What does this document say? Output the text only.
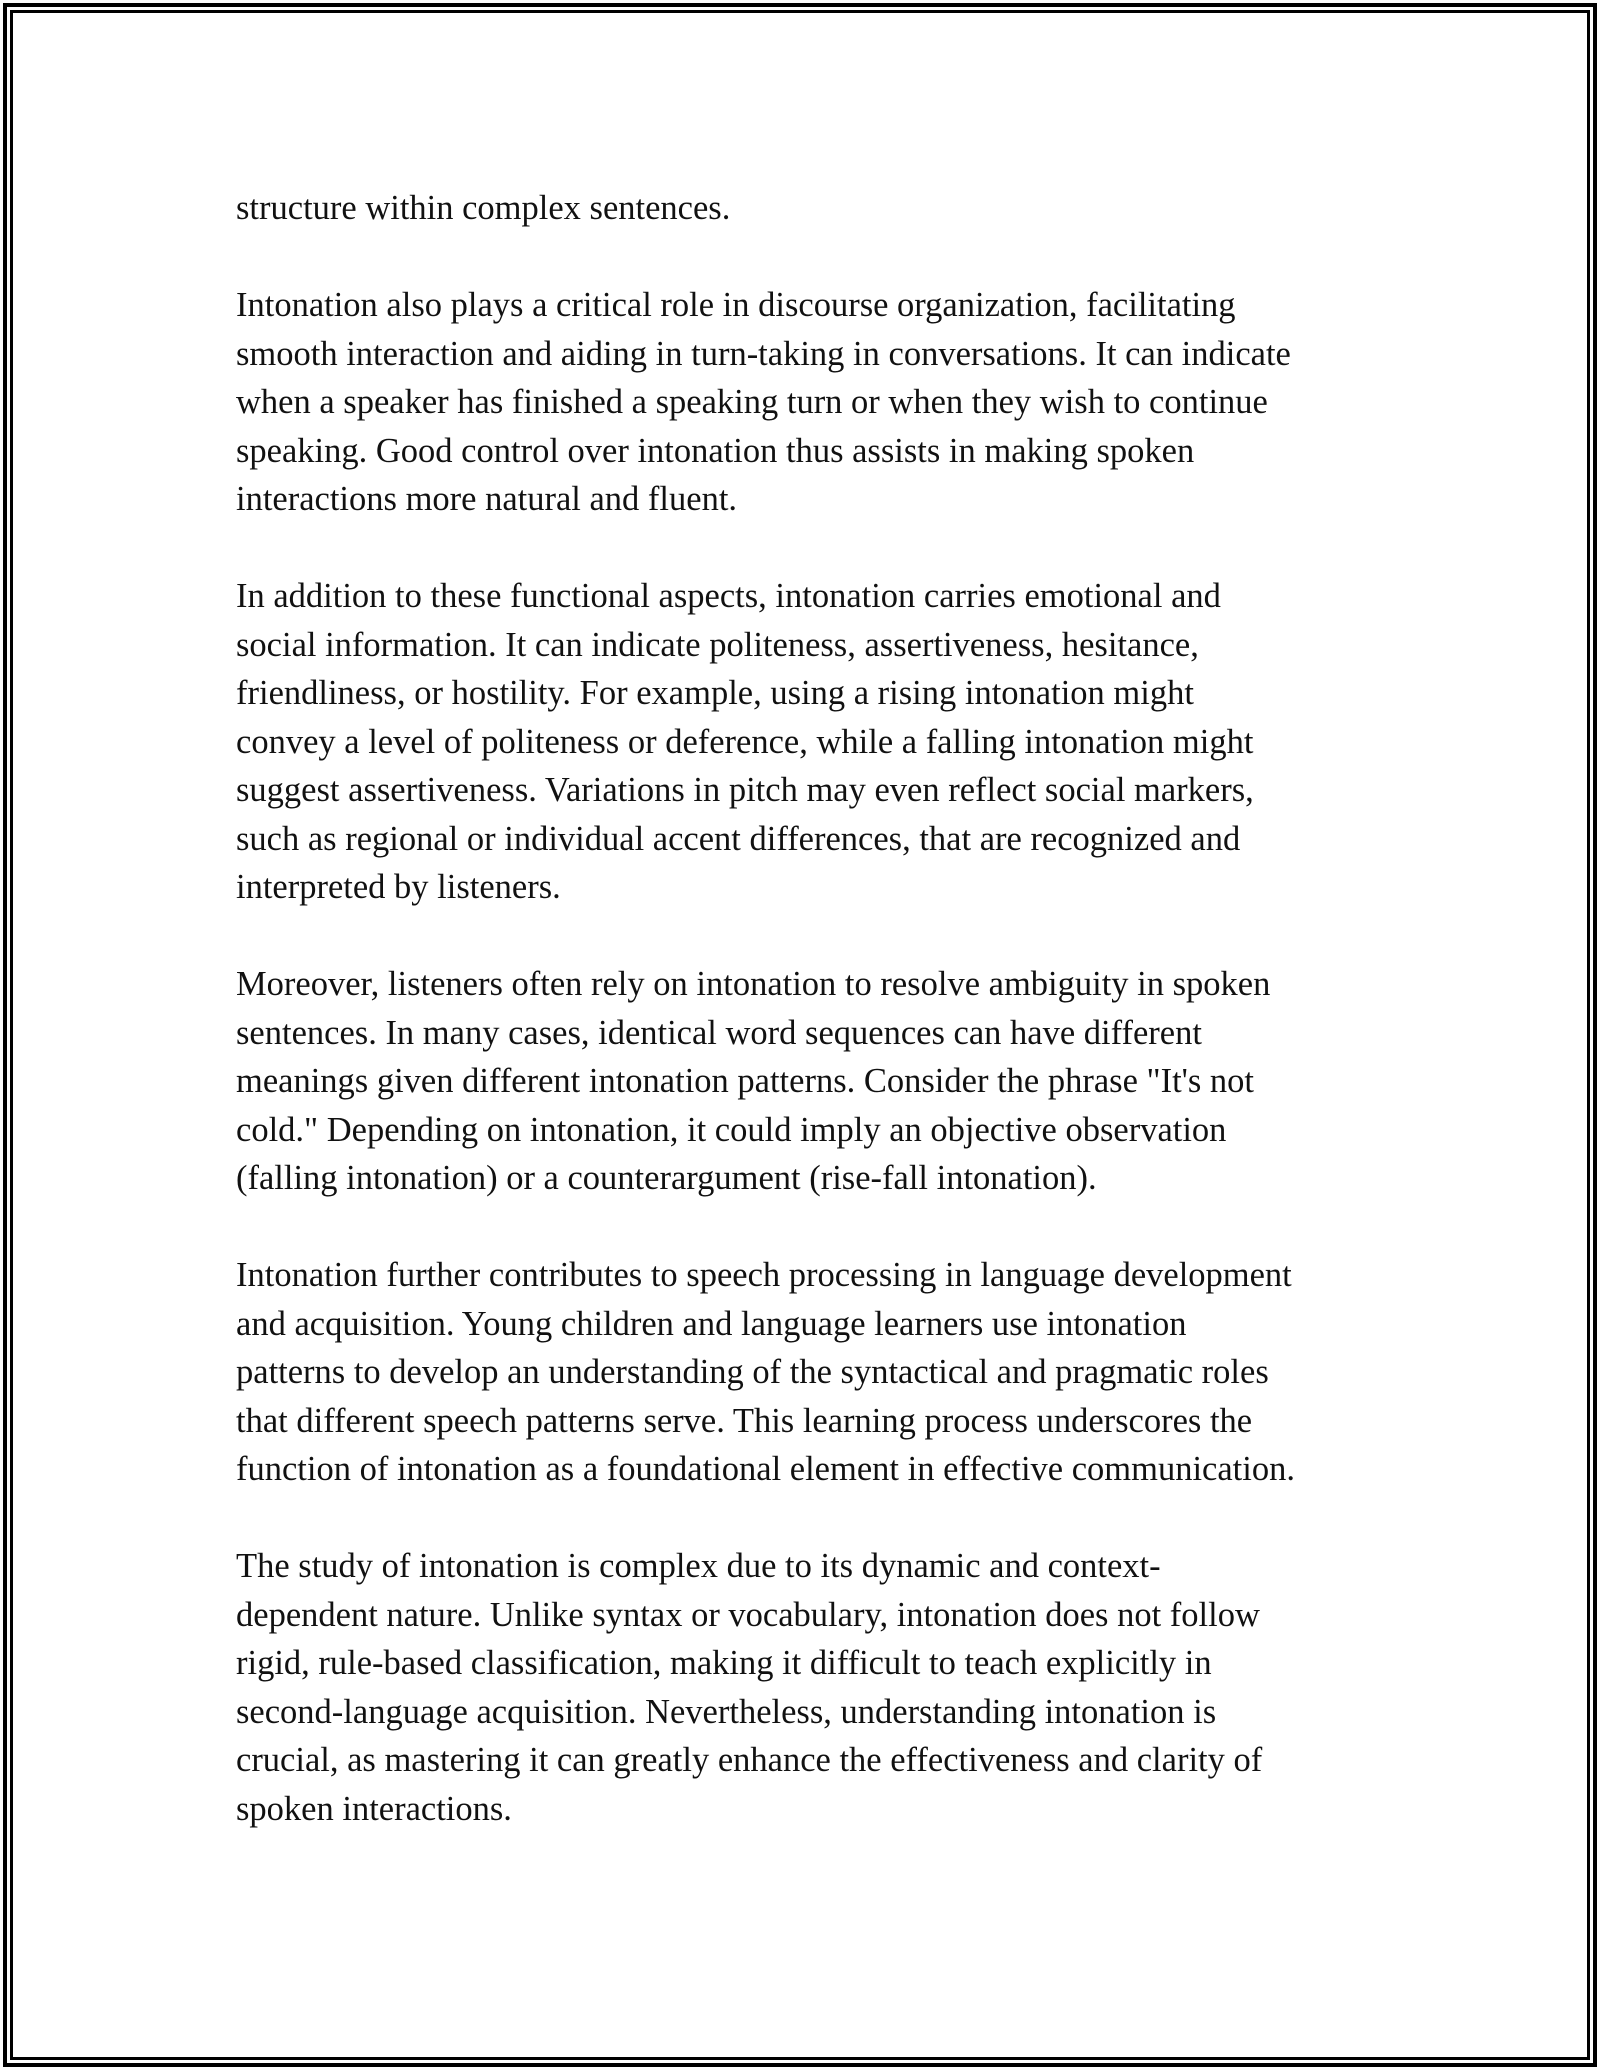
structure within complex sentences.

Intonation also plays a critical role in discourse organization, facilitating
smooth interaction and aiding in turn-taking in conversations. It can indicate
when a speaker has finished a speaking turn or when they wish to continue
speaking. Good control over intonation thus assists in making spoken
interactions more natural and fluent.

In addition to these functional aspects, intonation carries emotional and
social information. It can indicate politeness, assertiveness, hesitance,
friendliness, or hostility. For example, using a rising intonation might
convey a level of politeness or deference, while a falling intonation might
suggest assertiveness. Variations in pitch may even reflect social markers,
such as regional or individual accent differences, that are recognized and
interpreted by listeners.

Moreover, listeners often rely on intonation to resolve ambiguity in spoken
sentences. In many cases, identical word sequences can have different
meanings given different intonation patterns. Consider the phrase "It's not
cold." Depending on intonation, it could imply an objective observation
(falling intonation) or a counterargument (rise-fall intonation).

Intonation further contributes to speech processing in language development
and acquisition. Young children and language learners use intonation
patterns to develop an understanding of the syntactical and pragmatic roles
that different speech patterns serve. This learning process underscores the
function of intonation as a foundational element in effective communication.

The study of intonation is complex due to its dynamic and context-
dependent nature. Unlike syntax or vocabulary, intonation does not follow
rigid, rule-based classification, making it difficult to teach explicitly in
second-language acquisition. Nevertheless, understanding intonation is
crucial, as mastering it can greatly enhance the effectiveness and clarity of
spoken interactions.
